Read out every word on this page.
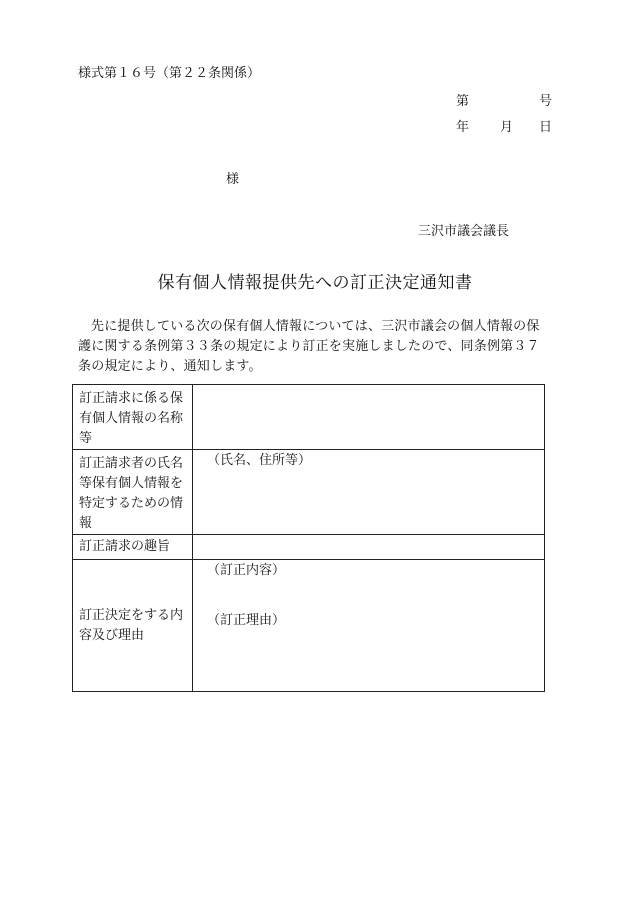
様式第１６号（第２２条関係）
第	号
年 月 日
様
三沢市議会議長
保有個人情報提供先への訂正決定通知書
先に提供している次の保有個人情報については、三沢市議会の個人情報の保護に関する条例第３３条の規定により訂正を実施しましたので、同条例第３７条の規定により、通知します。
訂正請求に係る保有個人情報の名称等	
訂正請求者の氏名等保有個人情報を特定するための情報	（氏名、住所等）
訂正請求の趣旨	
訂正決定をする内容及び理由	（訂正内容）
（訂正理由）
